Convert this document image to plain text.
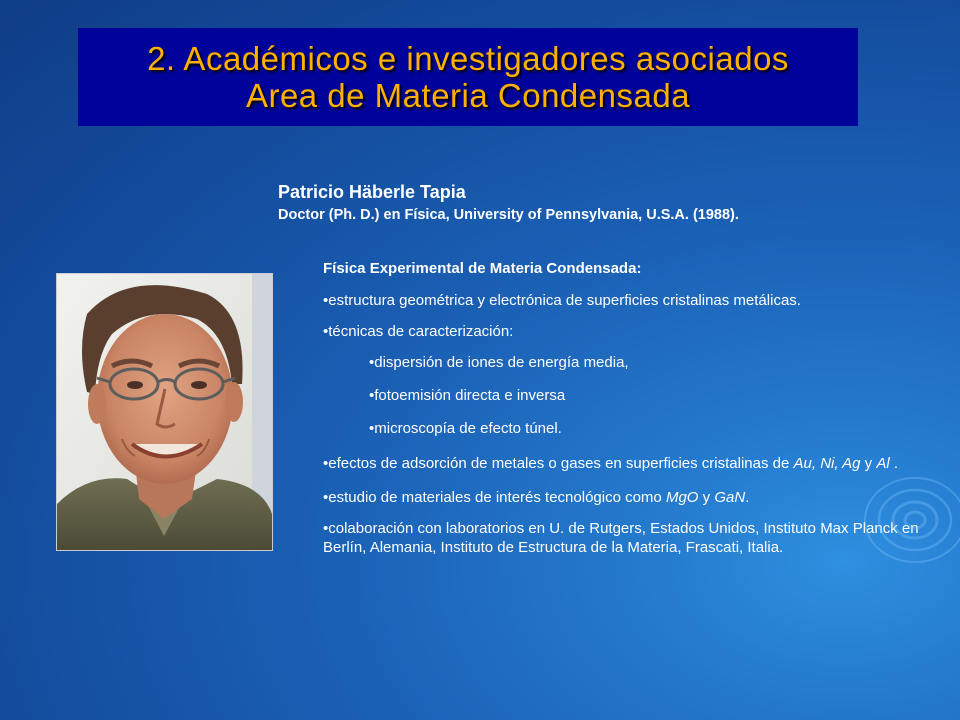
2. Académicos e investigadores asociados
Area de Materia Condensada
Patricio Häberle Tapia
Doctor (Ph. D.) en Física, University of Pennsylvania, U.S.A. (1988).

Física Experimental de Materia Condensada:

•estructura geométrica y electrónica de superficies cristalinas metálicas.

•técnicas de caracterización:

•dispersión de iones de energía media,

•fotoemisión directa e inversa

•microscopía de efecto túnel.

•efectos de adsorción de metales o gases en superficies cristalinas de Au, Ni, Ag y Al .

•estudio de materiales de interés tecnológico como MgO y GaN.

•colaboración con laboratorios en U. de Rutgers, Estados Unidos, Instituto Max Planck en Berlín, Alemania, Instituto de Estructura de la Materia, Frascati, Italia.
